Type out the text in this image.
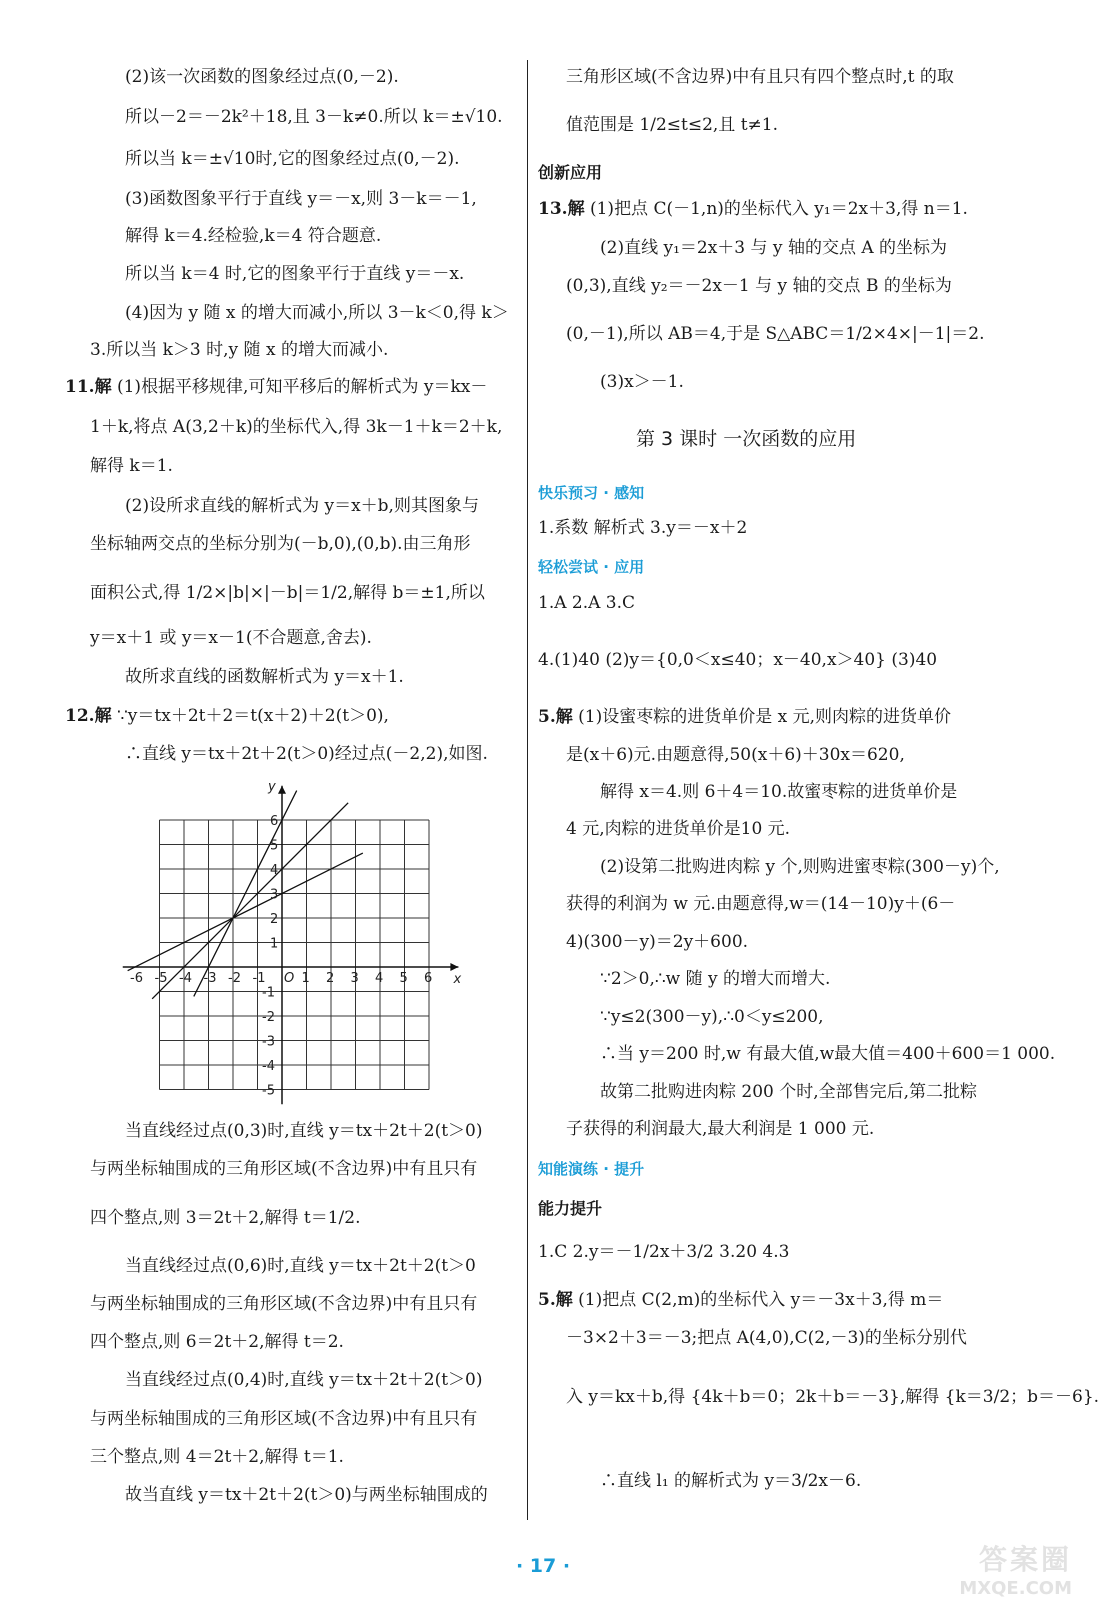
(2)该一次函数的图象经过点(0,－2).
所以－2＝－2k²＋18,且 3－k≠0.所以 k＝±√10.
所以当 k＝±√10时,它的图象经过点(0,－2).
(3)函数图象平行于直线 y＝－x,则 3－k＝－1,
解得 k＝4.经检验,k＝4 符合题意.
所以当 k＝4 时,它的图象平行于直线 y＝－x.
(4)因为 y 随 x 的增大而减小,所以 3－k＜0,得 k＞
3.所以当 k＞3 时,y 随 x 的增大而减小.
11.解 (1)根据平移规律,可知平移后的解析式为 y＝kx－
1＋k,将点 A(3,2＋k)的坐标代入,得 3k－1＋k＝2＋k,
解得 k＝1.
(2)设所求直线的解析式为 y＝x＋b,则其图象与
坐标轴两交点的坐标分别为(－b,0),(0,b).由三角形
面积公式,得 1/2×|b|×|－b|＝1/2,解得 b＝±1,所以
y＝x＋1 或 y＝x－1(不合题意,舍去).
故所求直线的函数解析式为 y＝x＋1.
12.解 ∵y＝tx＋2t＋2＝t(x＋2)＋2(t＞0),
∴直线 y＝tx＋2t＋2(t＞0)经过点(－2,2),如图.
-6 -5 -4 -3 -2 -1	1 2 3 4 5 6
6
5
4
3
2
1
-1
-2
-3
-4
-5
O	x
y
当直线经过点(0,3)时,直线 y＝tx＋2t＋2(t＞0)
与两坐标轴围成的三角形区域(不含边界)中有且只有
四个整点,则 3＝2t＋2,解得 t＝1/2.
当直线经过点(0,6)时,直线 y＝tx＋2t＋2(t＞0
与两坐标轴围成的三角形区域(不含边界)中有且只有
四个整点,则 6＝2t＋2,解得 t＝2.
当直线经过点(0,4)时,直线 y＝tx＋2t＋2(t＞0)
与两坐标轴围成的三角形区域(不含边界)中有且只有
三个整点,则 4＝2t＋2,解得 t＝1.
故当直线 y＝tx＋2t＋2(t＞0)与两坐标轴围成的
三角形区域(不含边界)中有且只有四个整点时,t 的取
值范围是 1/2≤t≤2,且 t≠1.
创新应用
13.解 (1)把点 C(－1,n)的坐标代入 y₁＝2x＋3,得 n＝1.
(2)直线 y₁＝2x＋3 与 y 轴的交点 A 的坐标为
(0,3),直线 y₂＝－2x－1 与 y 轴的交点 B 的坐标为
(0,－1),所以 AB＝4,于是 S△ABC＝1/2×4×|－1|＝2.
(3)x＞－1.
第 3 课时 一次函数的应用
快乐预习 · 感知
1.系数 解析式 3.y＝－x＋2
轻松尝试 · 应用
1.A 2.A 3.C
4.(1)40 (2)y＝{0,0＜x≤40；x－40,x＞40} (3)40
5.解 (1)设蜜枣粽的进货单价是 x 元,则肉粽的进货单价
是(x＋6)元.由题意得,50(x＋6)＋30x＝620,
解得 x＝4.则 6＋4＝10.故蜜枣粽的进货单价是
4 元,肉粽的进货单价是10 元.
(2)设第二批购进肉粽 y 个,则购进蜜枣粽(300－y)个,
获得的利润为 w 元.由题意得,w＝(14－10)y＋(6－
4)(300－y)＝2y＋600.
∵2＞0,∴w 随 y 的增大而增大.
∵y≤2(300－y),∴0＜y≤200,
∴当 y＝200 时,w 有最大值,w最大值＝400＋600＝1 000.
故第二批购进肉粽 200 个时,全部售完后,第二批粽
子获得的利润最大,最大利润是 1 000 元.
知能演练 · 提升
能力提升
1.C 2.y＝－1/2x＋3/2 3.20 4.3
5.解 (1)把点 C(2,m)的坐标代入 y＝－3x＋3,得 m＝
－3×2＋3＝－3;把点 A(4,0),C(2,－3)的坐标分别代
入 y＝kx＋b,得 {4k＋b＝0；2k＋b＝－3},解得 {k＝3/2；b＝－6}.
∴直线 l₁ 的解析式为 y＝3/2x－6.
· 17 ·	答案圈
MXQE.COM
